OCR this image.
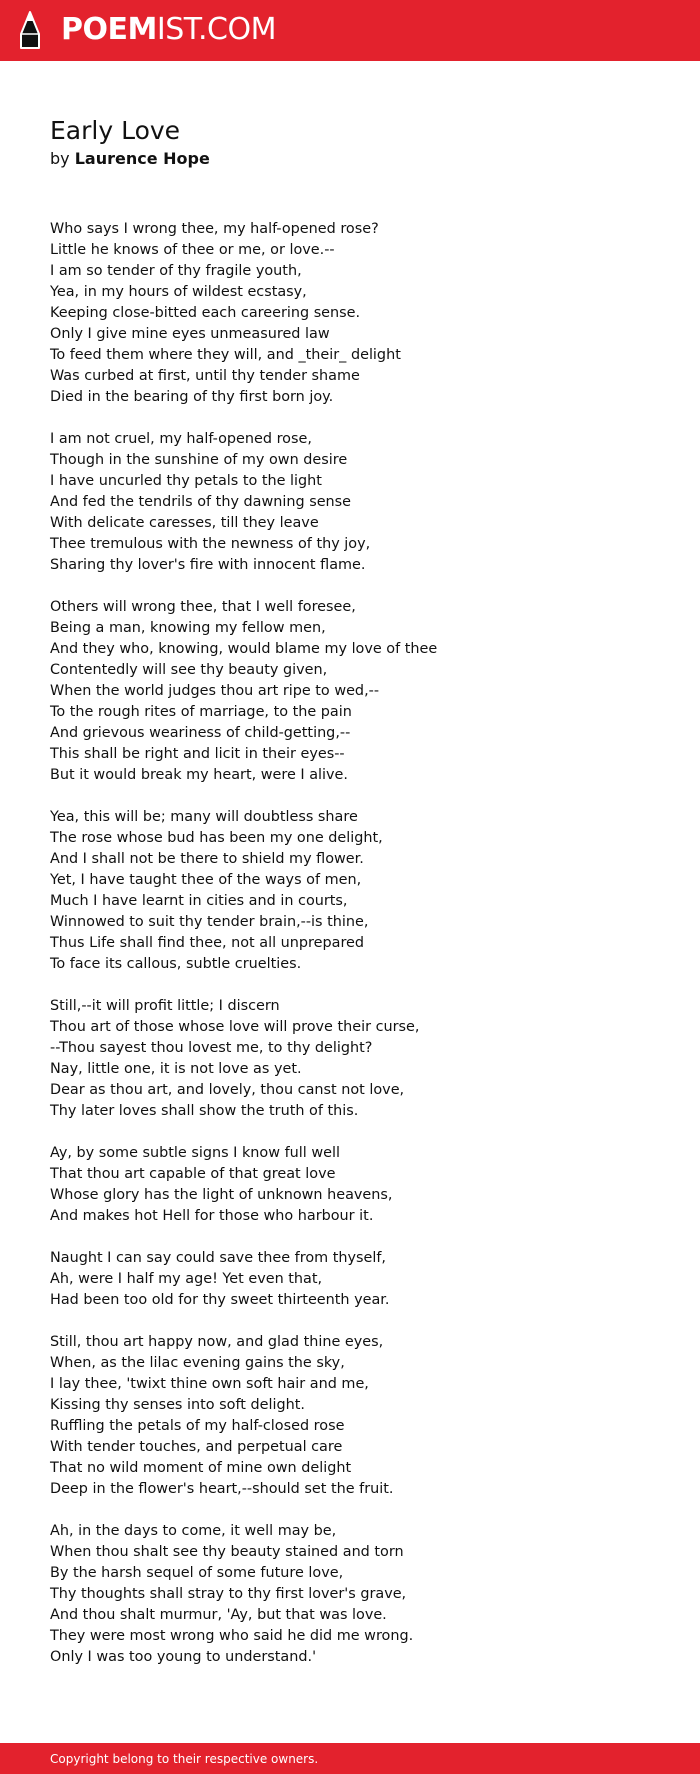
POEMIST.COM
Early Love
by Laurence Hope
Who says I wrong thee, my half-opened rose?
Little he knows of thee or me, or love.--
I am so tender of thy fragile youth,
Yea, in my hours of wildest ecstasy,
Keeping close-bitted each careering sense.
Only I give mine eyes unmeasured law
To feed them where they will, and _their_ delight
Was curbed at first, until thy tender shame
Died in the bearing of thy first born joy.
I am not cruel, my half-opened rose,
Though in the sunshine of my own desire
I have uncurled thy petals to the light
And fed the tendrils of thy dawning sense
With delicate caresses, till they leave
Thee tremulous with the newness of thy joy,
Sharing thy lover's fire with innocent flame.
Others will wrong thee, that I well foresee,
Being a man, knowing my fellow men,
And they who, knowing, would blame my love of thee
Contentedly will see thy beauty given,
When the world judges thou art ripe to wed,--
To the rough rites of marriage, to the pain
And grievous weariness of child-getting,--
This shall be right and licit in their eyes--
But it would break my heart, were I alive.
Yea, this will be; many will doubtless share
The rose whose bud has been my one delight,
And I shall not be there to shield my flower.
Yet, I have taught thee of the ways of men,
Much I have learnt in cities and in courts,
Winnowed to suit thy tender brain,--is thine,
Thus Life shall find thee, not all unprepared
To face its callous, subtle cruelties.
Still,--it will profit little; I discern
Thou art of those whose love will prove their curse,
--Thou sayest thou lovest me, to thy delight?
Nay, little one, it is not love as yet.
Dear as thou art, and lovely, thou canst not love,
Thy later loves shall show the truth of this.
Ay, by some subtle signs I know full well
That thou art capable of that great love
Whose glory has the light of unknown heavens,
And makes hot Hell for those who harbour it.
Naught I can say could save thee from thyself,
Ah, were I half my age! Yet even that,
Had been too old for thy sweet thirteenth year.
Still, thou art happy now, and glad thine eyes,
When, as the lilac evening gains the sky,
I lay thee, 'twixt thine own soft hair and me,
Kissing thy senses into soft delight.
Ruffling the petals of my half-closed rose
With tender touches, and perpetual care
That no wild moment of mine own delight
Deep in the flower's heart,--should set the fruit.
Ah, in the days to come, it well may be,
When thou shalt see thy beauty stained and torn
By the harsh sequel of some future love,
Thy thoughts shall stray to thy first lover's grave,
And thou shalt murmur, 'Ay, but that was love.
They were most wrong who said he did me wrong.
Only I was too young to understand.'
Copyright belong to their respective owners.
